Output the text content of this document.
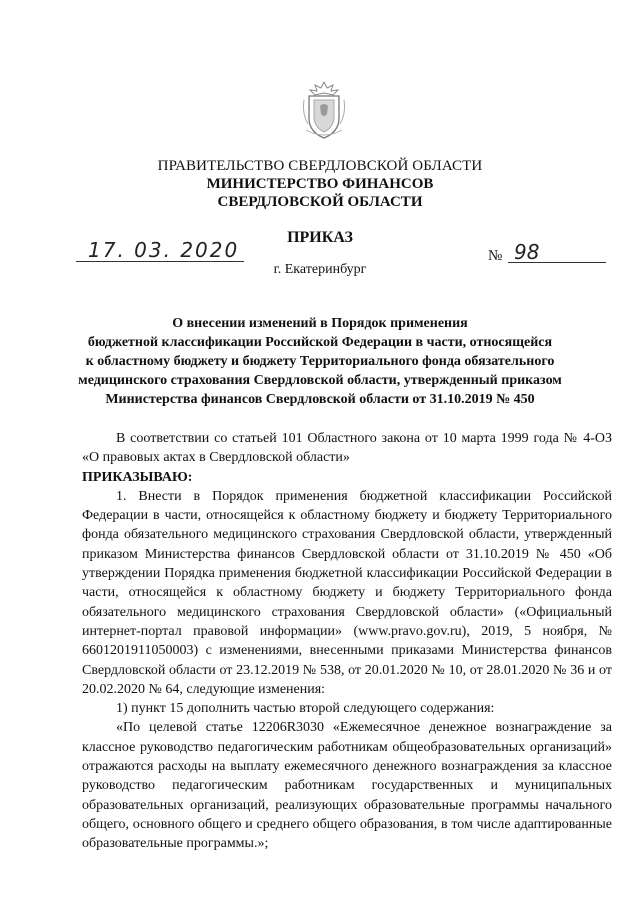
ПРАВИТЕЛЬСТВО СВЕРДЛОВСКОЙ ОБЛАСТИ
МИНИСТЕРСТВО ФИНАНСОВ
СВЕРДЛОВСКОЙ ОБЛАСТИ
ПРИКАЗ
17. 03. 2020	№ 98
г. Екатеринбург
О внесении изменений в Порядок применения
бюджетной классификации Российской Федерации в части, относящейся
к областному бюджету и бюджету Территориального фонда обязательного
медицинского страхования Свердловской области, утвержденный приказом
Министерства финансов Свердловской области от 31.10.2019 № 450

В соответствии со статьей 101 Областного закона от 10 марта 1999 года № 4-ОЗ «О правовых актах в Свердловской области»

ПРИКАЗЫВАЮ:

1. Внести в Порядок применения бюджетной классификации Российской Федерации в части, относящейся к областному бюджету и бюджету Территориального фонда обязательного медицинского страхования Свердловской области, утвержденный приказом Министерства финансов Свердловской области от 31.10.2019 № 450 «Об утверждении Порядка применения бюджетной классификации Российской Федерации в части, относящейся к областному бюджету и бюджету Территориального фонда обязательного медицинского страхования Свердловской области» («Официальный интернет-портал правовой информации» (www.pravo.gov.ru), 2019, 5 ноября, № 6601201911050003) с изменениями, внесенными приказами Министерства финансов Свердловской области от 23.12.2019 № 538, от 20.01.2020 № 10, от 28.01.2020 № 36 и от 20.02.2020 № 64, следующие изменения:

1) пункт 15 дополнить частью второй следующего содержания:

«По целевой статье 12206R3030 «Ежемесячное денежное вознаграждение за классное руководство педагогическим работникам общеобразовательных организаций» отражаются расходы на выплату ежемесячного денежного вознаграждения за классное руководство педагогическим работникам государственных и муниципальных образовательных организаций, реализующих образовательные программы начального общего, основного общего и среднего общего образования, в том числе адаптированные образовательные программы.»;
